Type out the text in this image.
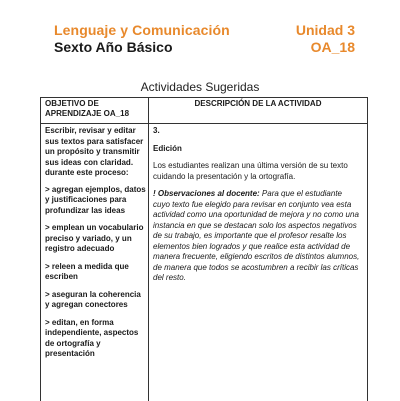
Lenguaje y Comunicación
Sexto Año Básico
Unidad 3
OA_18
Actividades Sugeridas
OBJETIVO DE APRENDIZAJE OA_18
DESCRIPCIÓN DE LA ACTIVIDAD

Escribir, revisar y editar sus textos para satisfacer un propósito y transmitir sus ideas con claridad. durante este proceso:

> agregan ejemplos, datos y justificaciones para profundizar las ideas

> emplean un vocabulario preciso y variado, y un registro adecuado

> releen a medida que escriben

> aseguran la coherencia y agregan conectores

> editan, en forma independiente, aspectos de ortografía y presentación

3.

Edición

Los estudiantes realizan una última versión de su texto cuidando la presentación y la ortografía.

! Observaciones al docente: Para que el estudiante cuyo texto fue elegido para revisar en conjunto vea esta actividad como una oportunidad de mejora y no como una instancia en que se destacan solo los aspectos negativos de su trabajo, es importante que el profesor resalte los elementos bien logrados y que realice esta actividad de manera frecuente, eligiendo escritos de distintos alumnos, de manera que todos se acostumbren a recibir las críticas del resto.
